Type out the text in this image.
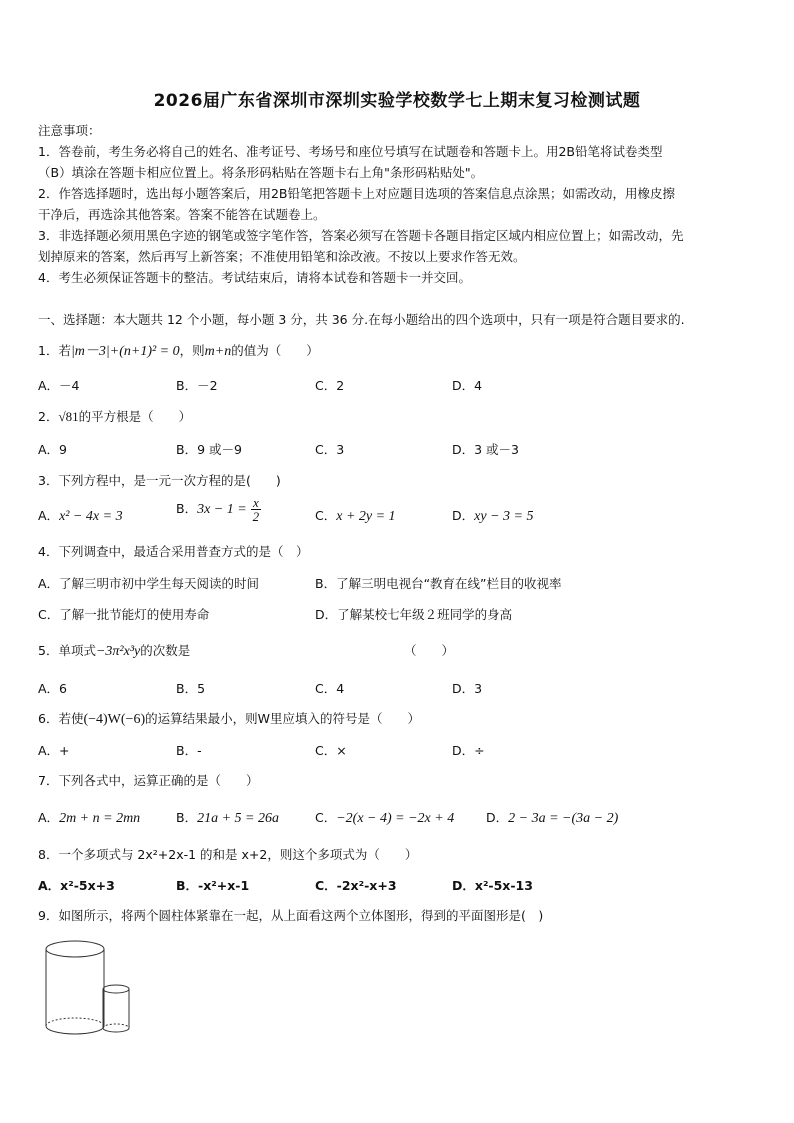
2026届广东省深圳市深圳实验学校数学七上期末复习检测试题
注意事项：
1．答卷前，考生务必将自己的姓名、准考证号、考场号和座位号填写在试题卷和答题卡上。用2B铅笔将试卷类型
（B）填涂在答题卡相应位置上。将条形码粘贴在答题卡右上角"条形码粘贴处"。
2．作答选择题时，选出每小题答案后，用2B铅笔把答题卡上对应题目选项的答案信息点涂黑；如需改动，用橡皮擦
干净后，再选涂其他答案。答案不能答在试题卷上。
3．非选择题必须用黑色字迹的钢笔或签字笔作答，答案必须写在答题卡各题目指定区域内相应位置上；如需改动，先
划掉原来的答案，然后再写上新答案；不准使用铅笔和涂改液。不按以上要求作答无效。
4．考生必须保证答题卡的整洁。考试结束后，请将本试卷和答题卡一并交回。
一、选择题：本大题共 12 个小题，每小题 3 分，共 36 分.在每小题给出的四个选项中，只有一项是符合题目要求的.
1．若|m－3|+(n+1)² = 0，则m+n的值为（　　）
A．－4	B．－2	C．2	D．4
2．√81的平方根是（　　）
A．9	B．9 或－9	C．3	D．3 或－3
3．下列方程中，是一元一次方程的是(　　)
A．x² − 4x = 3
B．$3x - 1 = \frac{x}{2}$	C．x + 2y = 1	D．xy − 3 = 5
4．下列调查中，最适合采用普查方式的是（　）
A．了解三明市初中学生每天阅读的时间	B．了解三明电视台“教育在线”栏目的收视率
C．了解一批节能灯的使用寿命	D．了解某校七年级２班同学的身高
5．单项式−3π²x³y的次数是	（　　）
A．6	B．5	C．4	D．3
6．若使(−4)W(−6)的运算结果最小，则W里应填入的符号是（　　）
A．+	B．-	C．×	D．÷
7．下列各式中，运算正确的是（　　）
A．2m + n = 2mn	B．21a + 5 = 26a	C．−2(x − 4) = −2x + 4	D．2 − 3a = −(3a − 2)
8．一个多项式与 2x²+2x-1 的和是 x+2，则这个多项式为（　　）
A．x²-5x+3	B．-x²+x-1	C．-2x²-x+3	D．x²-5x-13
9．如图所示，将两个圆柱体紧靠在一起，从上面看这两个立体图形，得到的平面图形是(　)
